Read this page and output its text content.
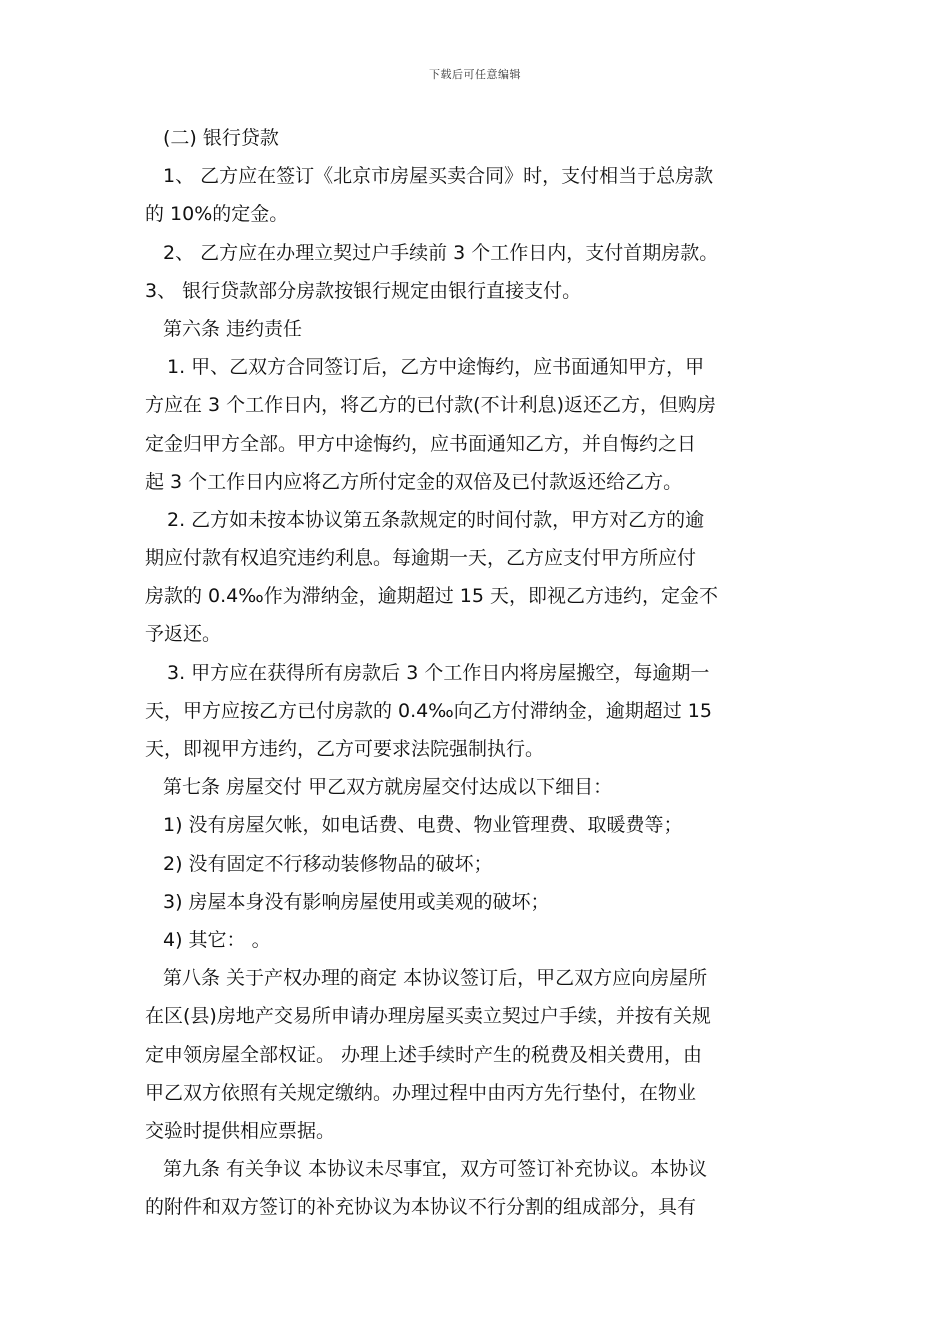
下载后可任意编辑
(二) 银行贷款
1、 乙方应在签订《北京市房屋买卖合同》时，支付相当于总房款
的 10%的定金。
2、 乙方应在办理立契过户手续前 3 个工作日内，支付首期房款。
3、 银行贷款部分房款按银行规定由银行直接支付。
第六条 违约责任
1. 甲、乙双方合同签订后，乙方中途悔约，应书面通知甲方，甲
方应在 3 个工作日内，将乙方的已付款(不计利息)返还乙方，但购房
定金归甲方全部。甲方中途悔约，应书面通知乙方，并自悔约之日
起 3 个工作日内应将乙方所付定金的双倍及已付款返还给乙方。
2. 乙方如未按本协议第五条款规定的时间付款，甲方对乙方的逾
期应付款有权追究违约利息。每逾期一天，乙方应支付甲方所应付
房款的 0.4‰作为滞纳金，逾期超过 15 天，即视乙方违约，定金不
予返还。
3. 甲方应在获得所有房款后 3 个工作日内将房屋搬空，每逾期一
天，甲方应按乙方已付房款的 0.4‰向乙方付滞纳金，逾期超过 15
天，即视甲方违约，乙方可要求法院强制执行。
第七条 房屋交付 甲乙双方就房屋交付达成以下细目：
1) 没有房屋欠帐，如电话费、电费、物业管理费、取暖费等；
2) 没有固定不行移动装修物品的破坏；
3) 房屋本身没有影响房屋使用或美观的破坏；
4) 其它： 。
第八条 关于产权办理的商定 本协议签订后，甲乙双方应向房屋所
在区(县)房地产交易所申请办理房屋买卖立契过户手续，并按有关规
定申领房屋全部权证。 办理上述手续时产生的税费及相关费用，由
甲乙双方依照有关规定缴纳。办理过程中由丙方先行垫付，在物业
交验时提供相应票据。
第九条 有关争议 本协议未尽事宜，双方可签订补充协议。本协议
的附件和双方签订的补充协议为本协议不行分割的组成部分，具有
